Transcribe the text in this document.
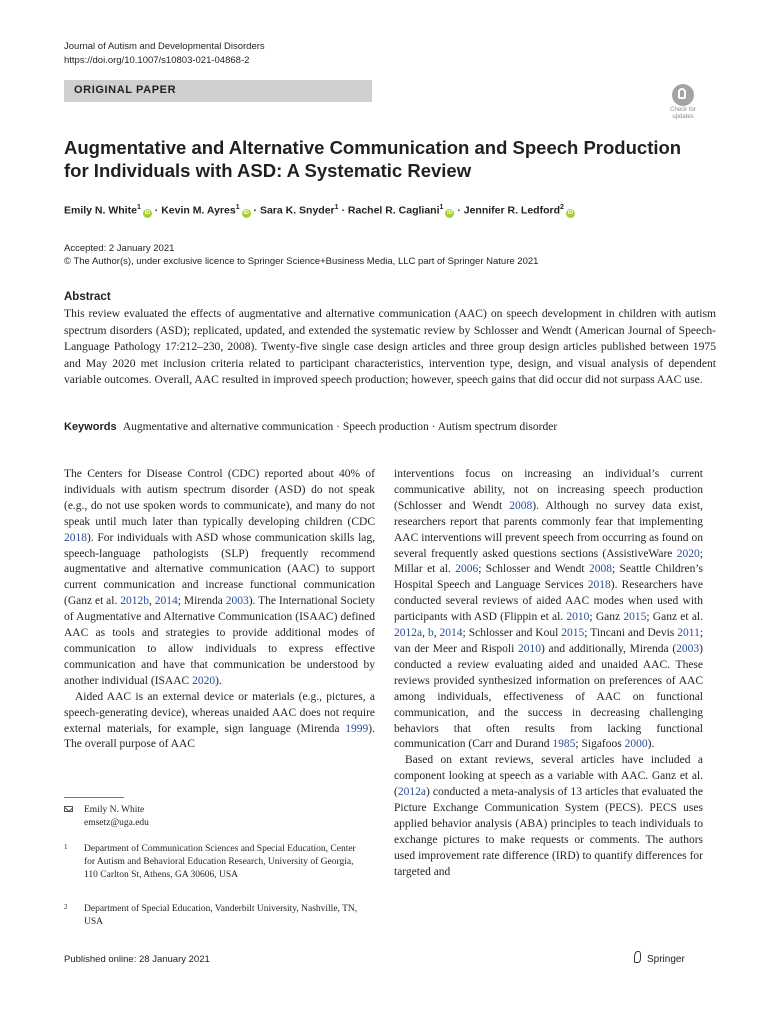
Journal of Autism and Developmental Disorders
https://doi.org/10.1007/s10803-021-04868-2
ORIGINAL PAPER
Check for
updates
Augmentative and Alternative Communication and Speech Production
for Individuals with ASD: A Systematic Review
Emily N. White$^1$iD · Kevin M. Ayres$^1$iD · Sara K. Snyder$^1$ · Rachel R. Cagliani$^1$iD · Jennifer R. Ledford$^2$iD
Accepted: 2 January 2021
© The Author(s), under exclusive licence to Springer Science+Business Media, LLC part of Springer Nature 2021
Abstract
This review evaluated the effects of augmentative and alternative communication (AAC) on speech development in children with autism spectrum disorders (ASD); replicated, updated, and extended the systematic review by Schlosser and Wendt (American Journal of Speech-Language Pathology 17:212–230, 2008). Twenty-five single case design articles and three group design articles published between 1975 and May 2020 met inclusion criteria related to participant characteristics, intervention type, design, and visual analysis of dependent variable outcomes. Overall, AAC resulted in improved speech production; however, speech gains that did occur did not surpass AAC use.
Keywords Augmentative and alternative communication · Speech production · Autism spectrum disorder

The Centers for Disease Control (CDC) reported about 40% of individuals with autism spectrum disorder (ASD) do not speak (e.g., do not use spoken words to communicate), and many do not speak until much later than typically developing children (CDC 2018). For individuals with ASD whose communication skills lag, speech-language pathologists (SLP) frequently recommend augmentative and alternative communication (AAC) to support current communication and increase functional communication (Ganz et al. 2012b, 2014; Mirenda 2003). The International Society of Augmentative and Alternative Communication (ISAAC) defined AAC as tools and strategies to provide additional modes of communication to allow individuals to express effective communication and have that communication be understood by another individual (ISAAC 2020).

Aided AAC is an external device or materials (e.g., pictures, a speech-generating device), whereas unaided AAC does not require external materials, for example, sign language (Mirenda 1999). The overall purpose of AAC

interventions focus on increasing an individual’s current communicative ability, not on increasing speech production (Schlosser and Wendt 2008). Although no survey data exist, researchers report that parents commonly fear that implementing AAC interventions will prevent speech from occurring as found on several frequently asked questions sections (AssistiveWare 2020; Millar et al. 2006; Schlosser and Wendt 2008; Seattle Children’s Hospital Speech and Language Services 2018). Researchers have conducted several reviews of aided AAC modes when used with participants with ASD (Flippin et al. 2010; Ganz 2015; Ganz et al. 2012a, b, 2014; Schlosser and Koul 2015; Tincani and Devis 2011; van der Meer and Rispoli 2010) and additionally, Mirenda (2003) conducted a review evaluating aided and unaided AAC. These reviews provided synthesized information on preferences of AAC among individuals, effectiveness of AAC on functional communication, and the success in decreasing challenging behaviors that often results from lacking functional communication (Carr and Durand 1985; Sigafoos 2000).

Based on extant reviews, several articles have included a component looking at speech as a variable with AAC. Ganz et al. (2012a) conducted a meta-analysis of 13 articles that evaluated the Picture Exchange Communication System (PECS). PECS uses applied behavior analysis (ABA) principles to teach individuals to exchange pictures to make requests or comments. The authors used improvement rate difference (IRD) to quantify differences for targeted and

Emily N. White
emsetz@uga.edu
1 Department of Communication Sciences and Special Education, Center for Autism and Behavioral Education Research, University of Georgia, 110 Carlton St, Athens, GA 30606, USA
2 Department of Special Education, Vanderbilt University, Nashville, TN, USA
Published online: 28 January 2021	Springer
